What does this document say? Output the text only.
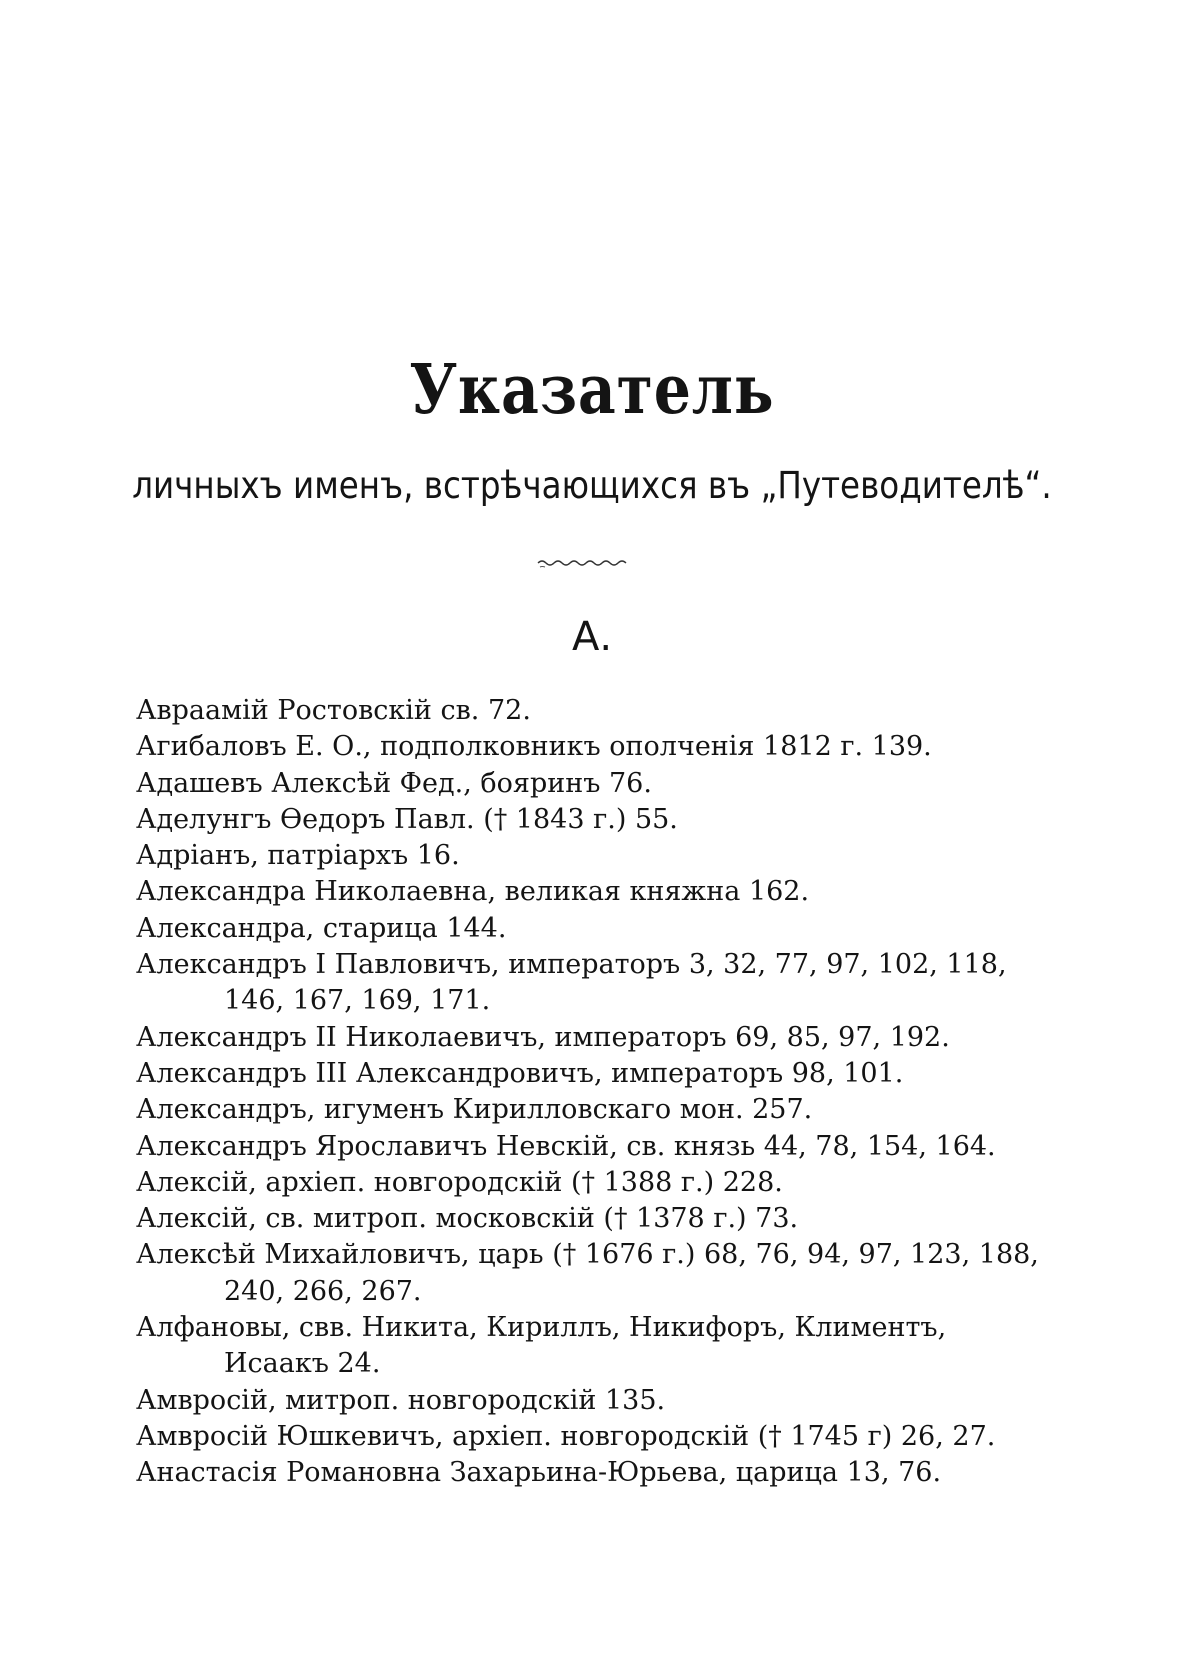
Указатель
личныхъ именъ, встрѣчающихся въ „Путеводителѣ“.
А.
Авраамій Ростовскій св. 72.
Агибаловъ Е. О., подполковникъ ополченія 1812 г. 139.
Адашевъ Алексѣй Фед., бояринъ 76.
Аделунгъ Ѳедоръ Павл. († 1843 г.) 55.
Адріанъ, патріархъ 16.
Александра Николаевна, великая княжна 162.
Александра, старица 144.
Александръ I Павловичъ, императоръ 3, 32, 77, 97, 102, 118, 146, 167, 169, 171.
Александръ II Николаевичъ, императоръ 69, 85, 97, 192.
Александръ III Александровичъ, императоръ 98, 101.
Александръ, игуменъ Кирилловскаго мон. 257.
Александръ Ярославичъ Невскій, св. князь 44, 78, 154, 164.
Алексій, архіеп. новгородскій († 1388 г.) 228.
Алексій, св. митроп. московскій († 1378 г.) 73.
Алексѣй Михайловичъ, царь († 1676 г.) 68, 76, 94, 97, 123, 188, 240, 266, 267.
Алфановы, свв. Никита, Кириллъ, Никифоръ, Климентъ, Исаакъ 24.
Амвросій, митроп. новгородскій 135.
Амвросій Юшкевичъ, архіеп. новгородскій († 1745 г) 26, 27.
Анастасія Романовна Захарьина-Юрьева, царица 13, 76.
